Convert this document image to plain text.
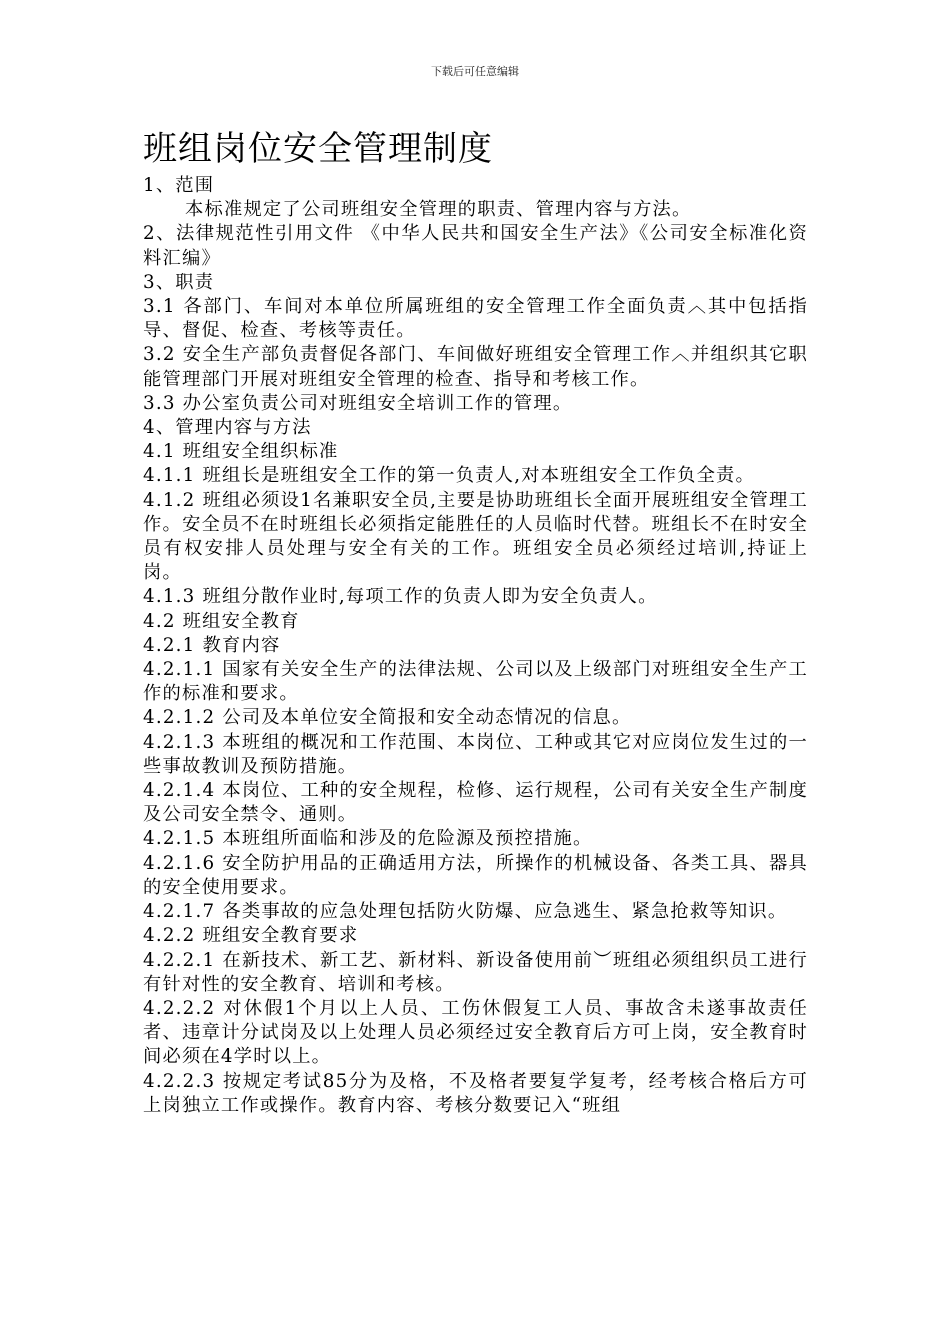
下载后可任意编辑
班组岗位安全管理制度

1、范围

本标准规定了公司班组安全管理的职责、管理内容与方法。

2、法律规范性引用文件 《中华人民共和国安全生产法》《公司安全标准化资料汇编》

3、职责

3.1 各部门、车间对本单位所属班组的安全管理工作全面负责︿其中包括指导、督促、检查、考核等责任。

3.2 安全生产部负责督促各部门、车间做好班组安全管理工作︿并组织其它职能管理部门开展对班组安全管理的检查、指导和考核工作。

3.3 办公室负责公司对班组安全培训工作的管理。

4、管理内容与方法

4.1 班组安全组织标准

4.1.1 班组长是班组安全工作的第一负责人,对本班组安全工作负全责。

4.1.2 班组必须设1名兼职安全员,主要是协助班组长全面开展班组安全管理工作。安全员不在时班组长必须指定能胜任的人员临时代替。班组长不在时安全员有权安排人员处理与安全有关的工作。班组安全员必须经过培训,持证上岗。

4.1.3 班组分散作业时,每项工作的负责人即为安全负责人。

4.2 班组安全教育

4.2.1 教育内容

4.2.1.1 国家有关安全生产的法律法规、公司以及上级部门对班组安全生产工作的标准和要求。

4.2.1.2 公司及本单位安全简报和安全动态情况的信息。

4.2.1.3 本班组的概况和工作范围、本岗位、工种或其它对应岗位发生过的一些事故教训及预防措施。

4.2.1.4 本岗位、工种的安全规程，检修、运行规程，公司有关安全生产制度及公司安全禁令、通则。

4.2.1.5 本班组所面临和涉及的危险源及预控措施。

4.2.1.6 安全防护用品的正确适用方法，所操作的机械设备、各类工具、器具的安全使用要求。

4.2.1.7 各类事故的应急处理包括防火防爆、应急逃生、紧急抢救等知识。

4.2.2 班组安全教育要求

4.2.2.1 在新技术、新工艺、新材料、新设备使用前︶班组必须组织员工进行有针对性的安全教育、培训和考核。

4.2.2.2 对休假1个月以上人员、工伤休假复工人员、事故含未遂事故责任者、违章计分试岗及以上处理人员必须经过安全教育后方可上岗，安全教育时间必须在4学时以上。

4.2.2.3 按规定考试85分为及格，不及格者要复学复考，经考核合格后方可上岗独立工作或操作。教育内容、考核分数要记入“班组
